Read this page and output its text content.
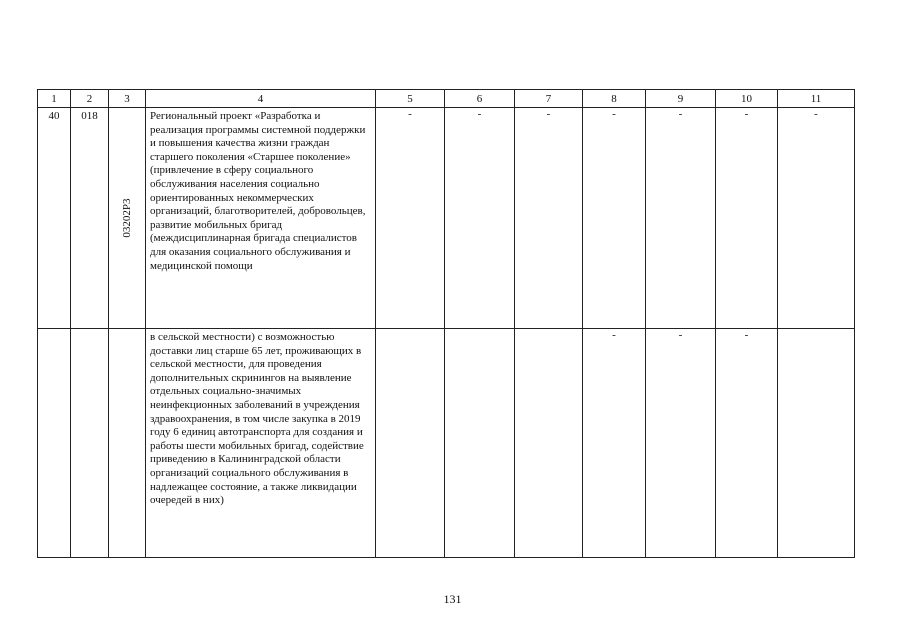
1	2	3	4	5	6	7	8	9	10	11
40	018	03202P3	Региональный проект «Разработка и реализация программы системной поддержки и повышения качества жизни граждан старшего поколения «Старшее поколение» (привлечение в сферу социального обслуживания населения социально ориентированных некоммерческих организаций, благотворителей, добровольцев, развитие мобильных бригад (междисциплинарная бригада специалистов для оказания социального обслуживания и медицинской помощи	-	-	-	-	-	-	-
			в сельской местности) с возможностью доставки лиц старше 65 лет, проживающих в сельской местности, для проведения дополнительных скринингов на выявление отдельных социально-значимых неинфекционных заболеваний в учреждения здравоохранения, в том числе закупка в 2019 году 6 единиц автотранспорта для создания и работы шести мобильных бригад, содействие приведению в Калининградской области организаций социального обслуживания в надлежащее состояние, а также ликвидации очередей в них)				-	-	-	
131
